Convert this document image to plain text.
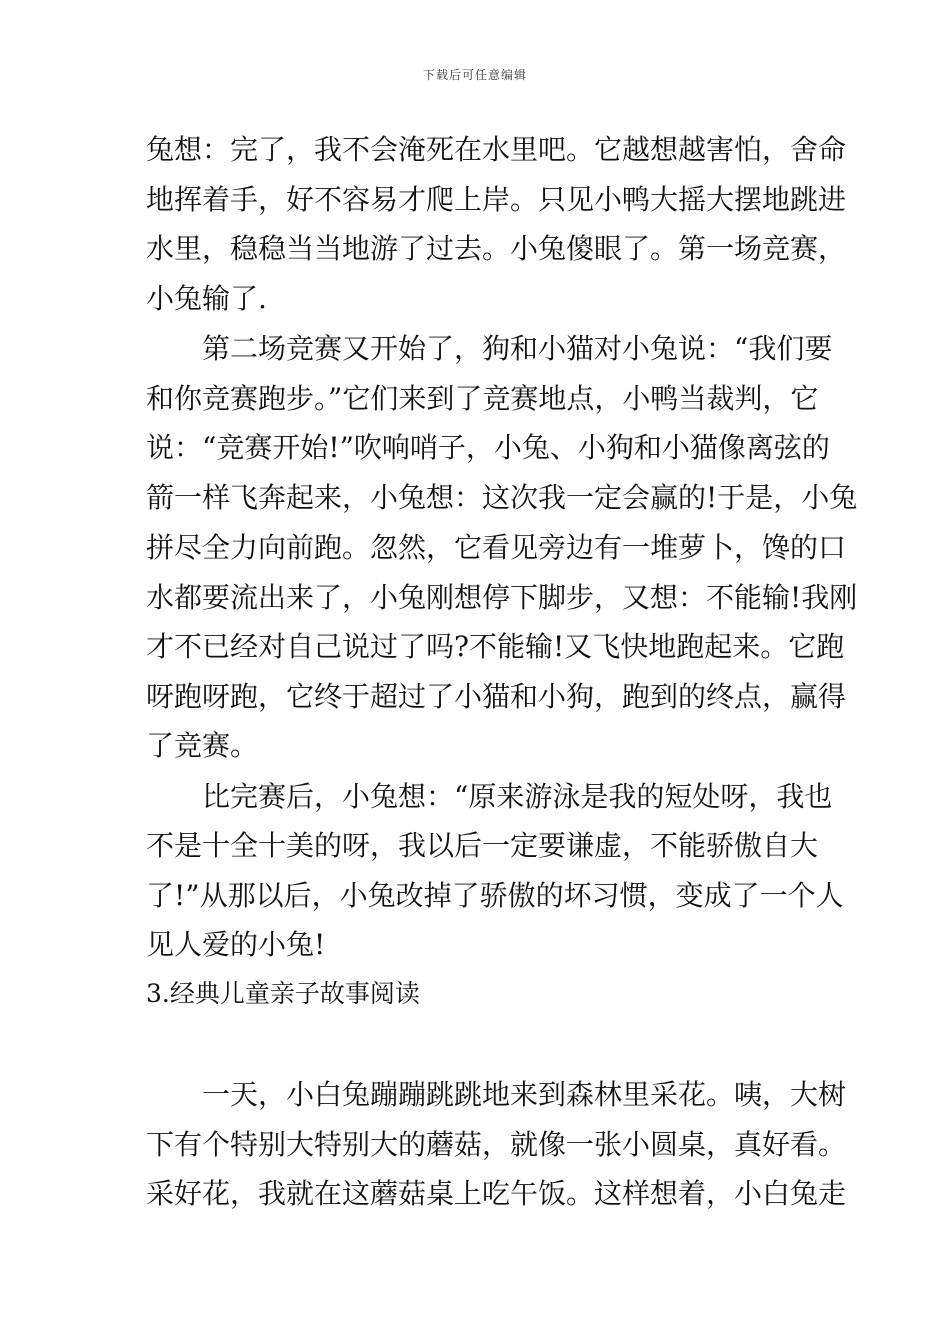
下载后可任意编辑
兔想：完了，我不会淹死在水里吧。它越想越害怕，舍命
地挥着手，好不容易才爬上岸。只见小鸭大摇大摆地跳进
水里，稳稳当当地游了过去。小兔傻眼了。第一场竞赛，
小兔输了.
第二场竞赛又开始了，狗和小猫对小兔说：“我们要
和你竞赛跑步。”它们来到了竞赛地点，小鸭当裁判，它
说：“竞赛开始!”吹响哨子，小兔、小狗和小猫像离弦的
箭一样飞奔起来，小兔想：这次我一定会赢的!于是，小兔
拼尽全力向前跑。忽然，它看见旁边有一堆萝卜，馋的口
水都要流出来了，小兔刚想停下脚步，又想：不能输!我刚
才不已经对自己说过了吗?不能输!又飞快地跑起来。它跑
呀跑呀跑，它终于超过了小猫和小狗，跑到的终点，赢得
了竞赛。
比完赛后，小兔想：“原来游泳是我的短处呀，我也
不是十全十美的呀，我以后一定要谦虚，不能骄傲自大
了!”从那以后，小兔改掉了骄傲的坏习惯，变成了一个人
见人爱的小兔!
3.经典儿童亲子故事阅读
一天，小白兔蹦蹦跳跳地来到森林里采花。咦，大树
下有个特别大特别大的蘑菇，就像一张小圆桌，真好看。
采好花，我就在这蘑菇桌上吃午饭。这样想着，小白兔走
